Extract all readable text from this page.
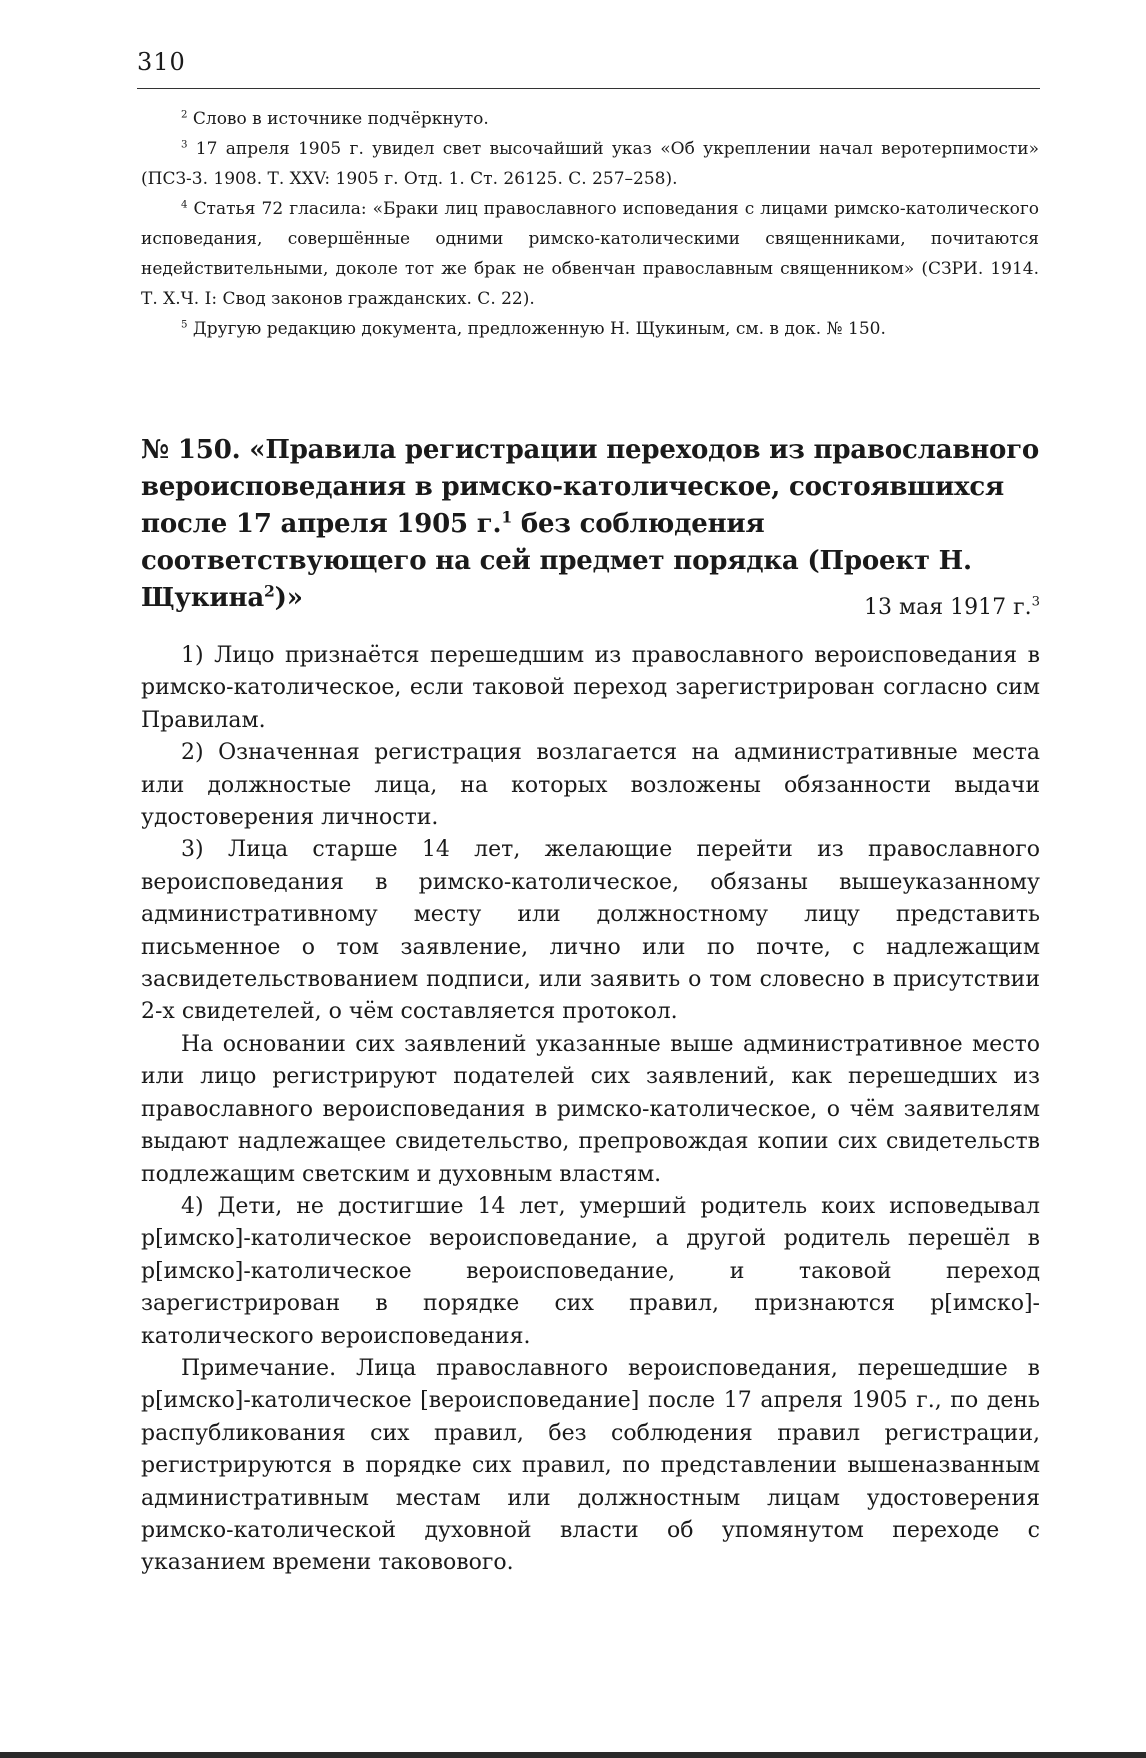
310

$^2$ Слово в источнике подчёркнуто.

$^3$ 17 апреля 1905 г. увидел свет высочайший указ «Об укреплении начал веротерпимости» (ПСЗ-3. 1908. Т. XXV: 1905 г. Отд. 1. Ст. 26125. С. 257–258).

$^4$ Статья 72 гласила: «Браки лиц православного исповедания с лицами римско-католического исповедания, совершённые одними римско-католическими священниками, почитаются недействительными, доколе тот же брак не обвенчан православным священником» (СЗРИ. 1914. Т. Х.Ч. I: Свод законов гражданских. С. 22).

$^5$ Другую редакцию документа, предложенную Н. Щукиным, см. в док. № 150.

№ 150. «Правила регистрации переходов из православного вероисповедания в римско-католическое, состоявшихся после 17 апреля 1905 г.$^1$ без соблюдения соответствующего на сей предмет порядка (Проект Н. Щукина$^2$)»	13 мая 1917 г.$^3$

1) Лицо признаётся перешедшим из православного вероисповедания в римско-католическое, если таковой переход зарегистрирован согласно сим Правилам.

2) Означенная регистрация возлагается на административные места или должностые лица, на которых возложены обязанности выдачи удостоверения личности.

3) Лица старше 14 лет, желающие перейти из православного вероисповедания в римско-католическое, обязаны вышеуказанному административному месту или должностному лицу представить письменное о том заявление, лично или по почте, с надлежащим засвидетельствованием подписи, или заявить о том словесно в присутствии 2-х свидетелей, о чём составляется протокол.

На основании сих заявлений указанные выше административное место или лицо регистрируют подателей сих заявлений, как перешедших из православного вероисповедания в римско-католическое, о чём заявителям выдают надлежащее свидетельство, препровождая копии сих свидетельств подлежащим светским и духовным властям.

4) Дети, не достигшие 14 лет, умерший родитель коих исповедывал р[имско]-католическое вероисповедание, а другой родитель перешёл в р[имско]-католическое вероисповедание, и таковой переход зарегистрирован в порядке сих правил, признаются р[имско]-католического вероисповедания.

Примечание. Лица православного вероисповедания, перешедшие в р[имско]-католическое [вероисповедание] после 17 апреля 1905 г., по день распубликования сих правил, без соблюдения правил регистрации, регистрируются в порядке сих правил, по представлении вышеназванным административным местам или должностным лицам удостоверения римско-католической духовной власти об упомянутом переходе с указанием времени таковового.
